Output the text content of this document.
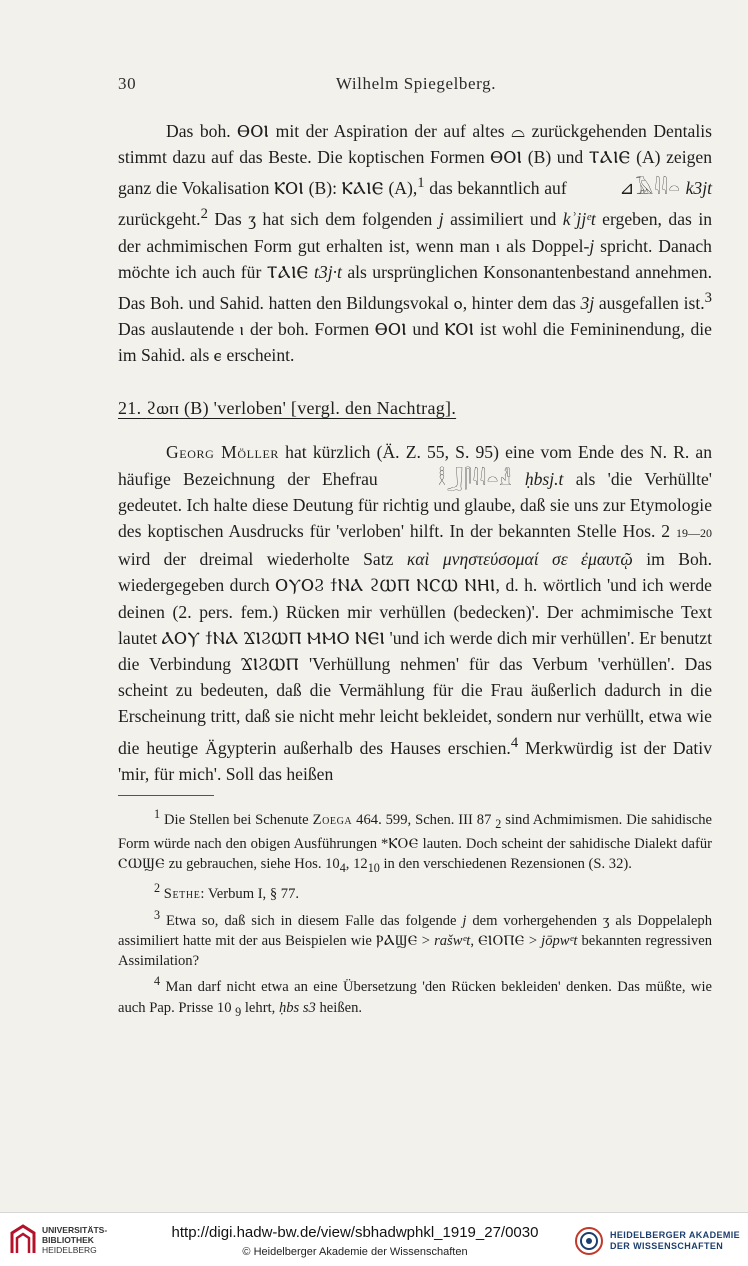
30	Wilhelm Spiegelberg.

Das boh. ⲐⲞⲒ mit der Aspiration der auf altes ⌓ zurückgehenden Dentalis stimmt dazu auf das Beste. Die koptischen Formen ⲐⲞⲒ (B) und ⲦⲀⲒⲈ (A) zeigen ganz die Vokalisation ⲔⲞⲒ (B): ⲔⲀⲒⲈ (A),$^1$ das bekanntlich auf	⊿𓄿𓇋𓇋𓏏 k3jt zurückgeht.$^2$ Das ʒ hat sich dem folgenden j assimiliert und kʾjjᵉt ergeben, das in der achmimischen Form gut erhalten ist, wenn man ⲓ als Doppel-j spricht. Danach möchte ich auch für ⲦⲀⲒⲈ t3j·t als ursprünglichen Konsonantenbestand annehmen. Das Boh. und Sahid. hatten den Bildungsvokal ⲟ, hinter dem das 3j ausgefallen ist.$^3$ Das auslautende ⲓ der boh. Formen ⲐⲞⲒ und ⲔⲞⲒ ist wohl die Femininendung, die im Sahid. als ⲉ erscheint.

21. ϩⲱⲡ (B) 'verloben' [vergl. den Nachtrag].

Georg Möller hat kürzlich (Ä. Z. 55, S. 95) eine vom Ende des N. R. an häufige Bezeichnung der Ehefrau	𓎛𓃀𓋴𓇋𓇋𓏏𓁐 ḥbsj.t als 'die Verhüllte' gedeutet. Ich halte diese Deutung für richtig und glaube, daß sie uns zur Etymologie des koptischen Ausdrucks für 'verloben' hilft. In der bekannten Stelle Hos. 2 19—20 wird der dreimal wiederholte Satz καὶ μνηστεύσομαί σε ἐμαυτῷ im Boh. wiedergegeben durch ⲞⲨⲞϨ ϯⲚⲀ ϩⲰⲠ ⲚⲤⲰ ⲚⲎⲒ, d. h. wörtlich 'und ich werde deinen (2. pers. fem.) Rücken mir verhüllen (bedecken)'. Der achmimische Text lautet ⲀⲞⲨ ϯⲚⲀ ϪⲒϨⲰⲠ ⲘⲘⲞ ⲚⲈⲒ 'und ich werde dich mir verhüllen'. Er benutzt die Verbindung ϪⲒϨⲰⲠ 'Verhüllung nehmen' für das Verbum 'verhüllen'. Das scheint zu bedeuten, daß die Vermählung für die Frau äußerlich dadurch in die Erscheinung tritt, daß sie nicht mehr leicht bekleidet, sondern nur verhüllt, etwa wie die heutige Ägypterin außerhalb des Hauses erschien.$^4$ Merkwürdig ist der Dativ 'mir, für mich'. Soll das heißen

$^1$ Die Stellen bei Schenute Zoega 464. 599, Schen. III 87 $_2$ sind Achmimismen. Die sahidische Form würde nach den obigen Ausführungen *ⲔⲞⲈ lauten. Doch scheint der sahidische Dialekt dafür ⲤⲰϢⲈ zu gebrauchen, siehe Hos. $10_4$, $12_{10}$ in den verschiedenen Rezensionen (S. 32).

$^2$ Sethe: Verbum I, § 77.

$^3$ Etwa so, daß sich in diesem Falle das folgende j dem vorhergehenden ʒ als Doppelaleph assimiliert hatte mit der aus Beispielen wie ⲢⲀϢⲈ > rašwᵉt, ⲈⲒⲞⲠⲈ > jōpwᵉt bekannten regressiven Assimilation?

$^4$ Man darf nicht etwa an eine Übersetzung 'den Rücken bekleiden' denken. Das müßte, wie auch Pap. Prisse 10 $_9$ lehrt, ḥbs s3 heißen.

UNIVERSITÄTS-
BIBLIOTHEK
HEIDELBERG
http://digi.hadw-bw.de/view/sbhadwphkl_1919_27/0030
© Heidelberger Akademie der Wissenschaften
HEIDELBERGER AKADEMIE
DER WISSENSCHAFTEN
